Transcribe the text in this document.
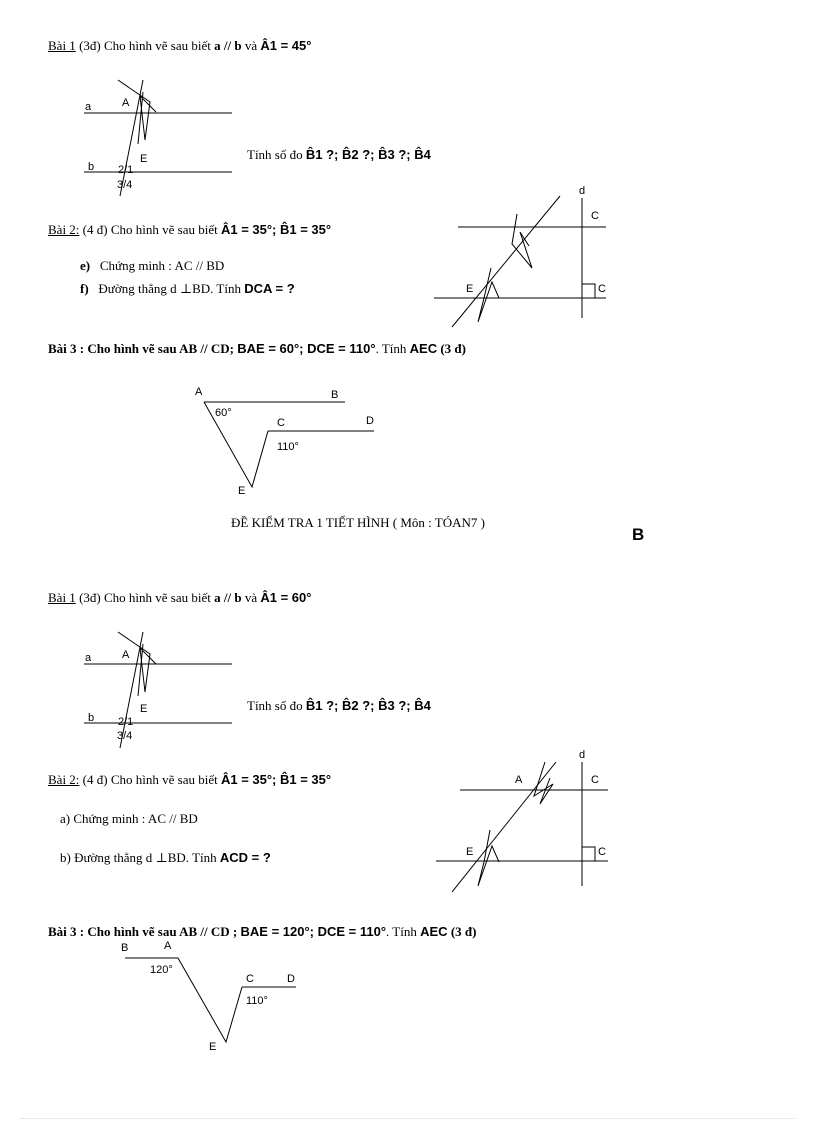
Bài 1 (3đ) Cho hình vẽ sau biết a // b và Â1 = 45°
a	A
E
b 2/1
3/4
Tính số đo B̂1 ?; B̂2 ?; B̂3 ?; B̂4
Bài 2: (4 đ) Cho hình vẽ sau biết Â1 = 35°; B̂1 = 35°
e) Chứng minh : AC // BD
f) Đường thẳng d ⊥BD. Tính DCA = ?
d
C
E	C
Bài 3 : Cho hình vẽ sau AB // CD; BAE = 60°; DCE = 110°. Tính AEC (3 đ)
A	B
C	D
E
60°
110°
ĐỀ KIỂM TRA 1 TIẾT HÌNH ( Môn : TÓAN7 )
B
Bài 1 (3đ) Cho hình vẽ sau biết a // b và Â1 = 60°
a	A
E
b 2/1
3/4
Tính số đo B̂1 ?; B̂2 ?; B̂3 ?; B̂4
Bài 2: (4 đ) Cho hình vẽ sau biết Â1 = 35°; B̂1 = 35°
a) Chứng minh : AC // BD
b) Đường thẳng d ⊥BD. Tính ACD = ?
d
C
A
E	C
Bài 3 : Cho hình vẽ sau AB // CD ; BAE = 120°; DCE = 110°. Tính AEC (3 đ)
B	A
C	D
E
120°
110°
